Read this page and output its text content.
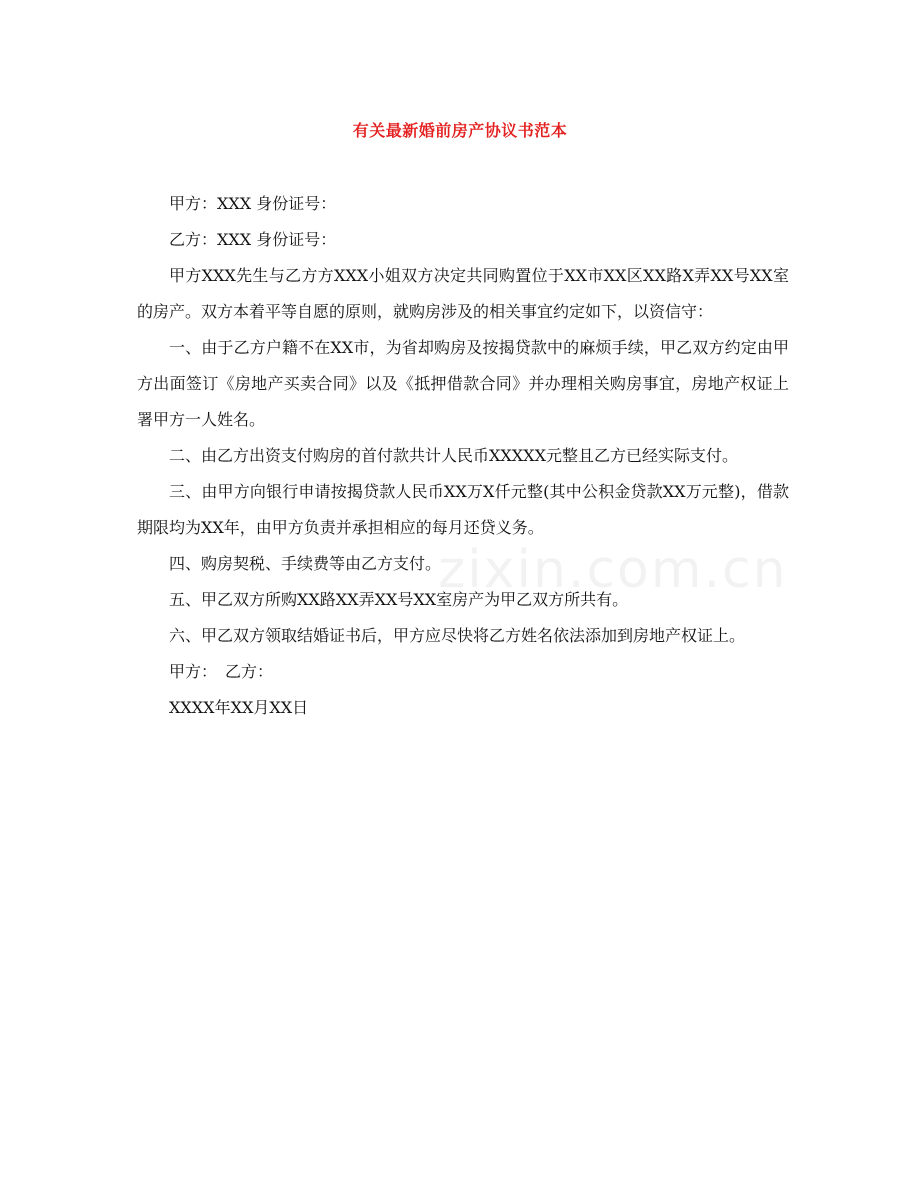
有关最新婚前房产协议书范本

甲方：XXX 身份证号：

乙方：XXX 身份证号：

甲方XXX先生与乙方方XXX小姐双方决定共同购置位于XX市XX区XX路X弄XX号XX室的房产。双方本着平等自愿的原则，就购房涉及的相关事宜约定如下，以资信守：

一、由于乙方户籍不在XX市，为省却购房及按揭贷款中的麻烦手续，甲乙双方约定由甲方出面签订《房地产买卖合同》以及《抵押借款合同》并办理相关购房事宜，房地产权证上署甲方一人姓名。

二、由乙方出资支付购房的首付款共计人民币XXXXX元整且乙方已经实际支付。

三、由甲方向银行申请按揭贷款人民币XX万X仟元整(其中公积金贷款XX万元整)，借款期限均为XX年，由甲方负责并承担相应的每月还贷义务。

四、购房契税、手续费等由乙方支付。

五、甲乙双方所购XX路XX弄XX号XX室房产为甲乙双方所共有。

六、甲乙双方领取结婚证书后，甲方应尽快将乙方姓名依法添加到房地产权证上。

甲方：　乙方：

XXXX年XX月XX日

zixin.com.cn
